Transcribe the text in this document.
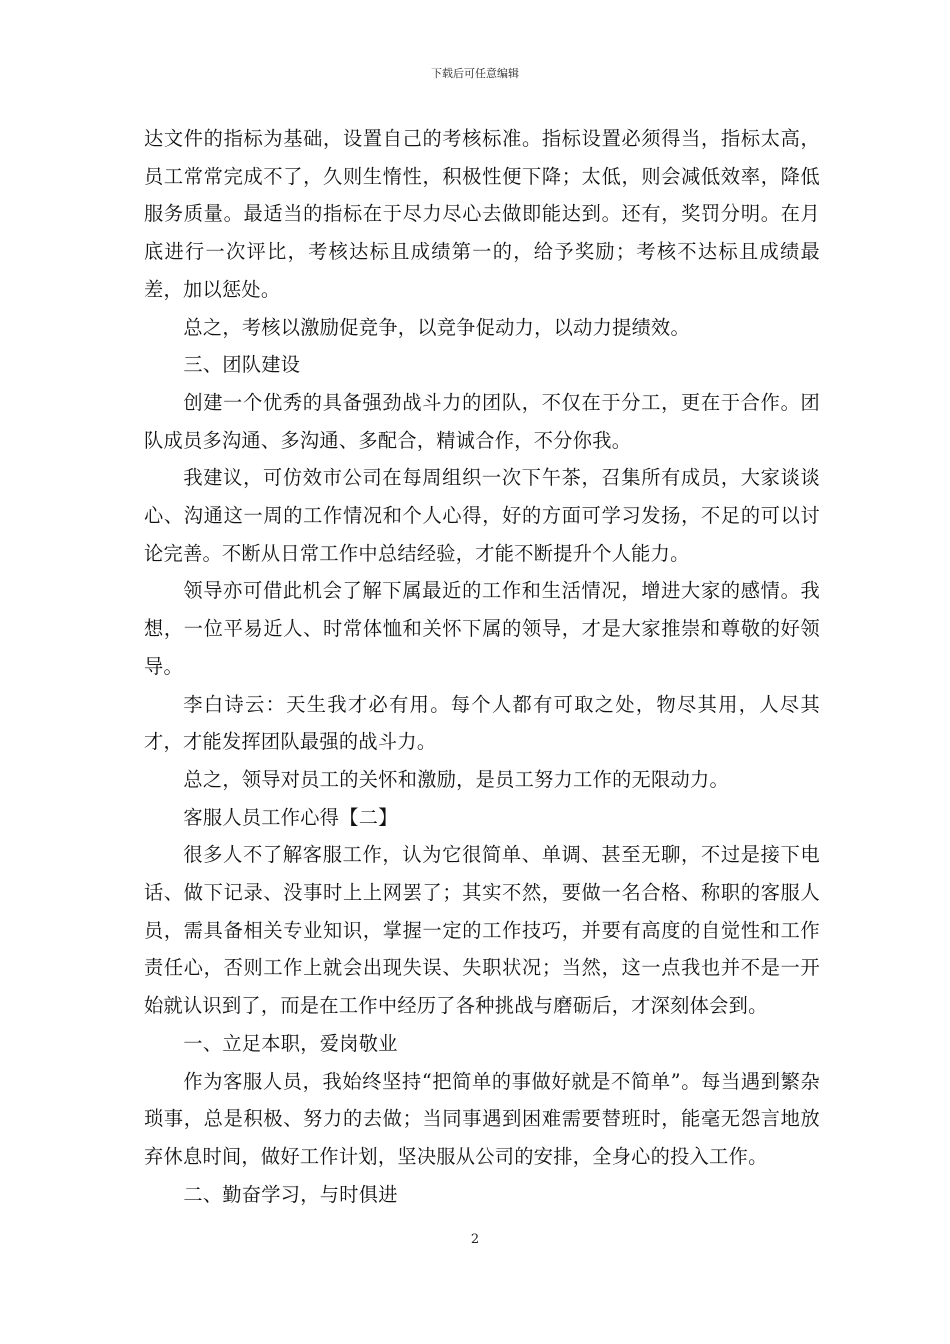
下载后可任意编辑

达文件的指标为基础，设置自己的考核标准。指标设置必须得当，指标太高，员工常常完成不了，久则生惰性，积极性便下降；太低，则会减低效率，降低服务质量。最适当的指标在于尽力尽心去做即能达到。还有，奖罚分明。在月底进行一次评比，考核达标且成绩第一的，给予奖励；考核不达标且成绩最差，加以惩处。

总之，考核以激励促竞争，以竞争促动力，以动力提绩效。

三、团队建设

创建一个优秀的具备强劲战斗力的团队，不仅在于分工，更在于合作。团队成员多沟通、多沟通、多配合，精诚合作，不分你我。

我建议，可仿效市公司在每周组织一次下午茶，召集所有成员，大家谈谈心、沟通这一周的工作情况和个人心得，好的方面可学习发扬，不足的可以讨论完善。不断从日常工作中总结经验，才能不断提升个人能力。

领导亦可借此机会了解下属最近的工作和生活情况，增进大家的感情。我想，一位平易近人、时常体恤和关怀下属的领导，才是大家推崇和尊敬的好领导。

李白诗云：天生我才必有用。每个人都有可取之处，物尽其用，人尽其才，才能发挥团队最强的战斗力。

总之，领导对员工的关怀和激励，是员工努力工作的无限动力。

客服人员工作心得【二】

很多人不了解客服工作，认为它很简单、单调、甚至无聊，不过是接下电话、做下记录、没事时上上网罢了；其实不然，要做一名合格、称职的客服人员，需具备相关专业知识，掌握一定的工作技巧，并要有高度的自觉性和工作责任心，否则工作上就会出现失误、失职状况；当然，这一点我也并不是一开始就认识到了，而是在工作中经历了各种挑战与磨砺后，才深刻体会到。

一、立足本职，爱岗敬业

作为客服人员，我始终坚持“把简单的事做好就是不简单”。每当遇到繁杂琐事，总是积极、努力的去做；当同事遇到困难需要替班时，能毫无怨言地放弃休息时间，做好工作计划，坚决服从公司的安排，全身心的投入工作。

二、勤奋学习，与时俱进

2
